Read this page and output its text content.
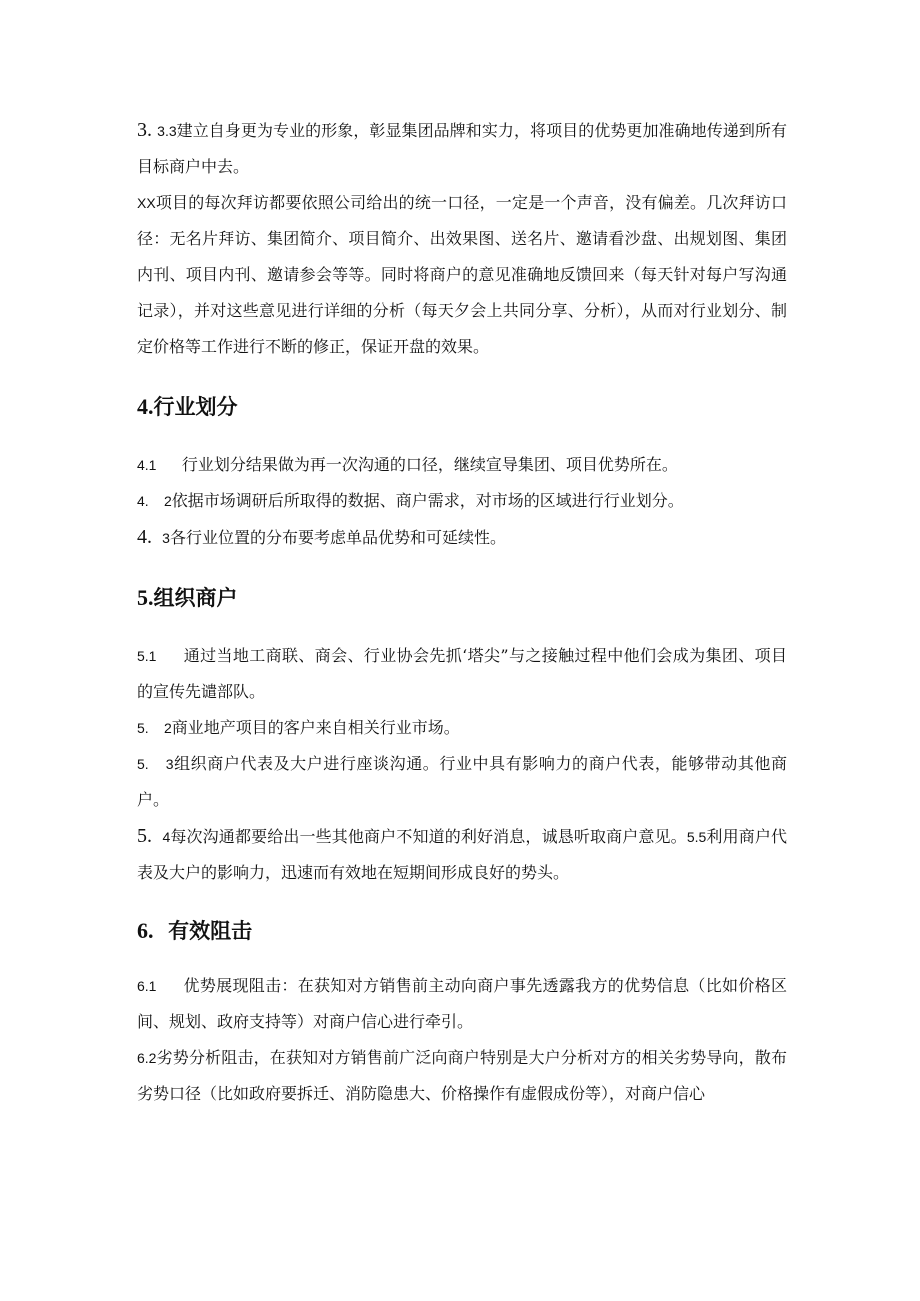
3. 3.3建立自身更为专业的形象，彰显集团品牌和实力，将项目的优势更加准确地传递到所有目标商户中去。

XX项目的每次拜访都要依照公司给出的统一口径，一定是一个声音，没有偏差。几次拜访口径：无名片拜访、集团简介、项目简介、出效果图、送名片、邀请看沙盘、出规划图、集团内刊、项目内刊、邀请参会等等。同时将商户的意见准确地反馈回来（每天针对每户写沟通记录），并对这些意见进行详细的分析（每天夕会上共同分享、分析），从而对行业划分、制定价格等工作进行不断的修正，保证开盘的效果。

4.行业划分

4.1 行业划分结果做为再一次沟通的口径，继续宣导集团、项目优势所在。

4. 2依据市场调研后所取得的数据、商户需求，对市场的区域进行行业划分。

4. 3各行业位置的分布要考虑单品优势和可延续性。

5.组织商户

5.1 通过当地工商联、商会、行业协会先抓‘塔尖”与之接触过程中他们会成为集团、项目的宣传先谴部队。

5. 2商业地产项目的客户来自相关行业市场。

5. 3组织商户代表及大户进行座谈沟通。行业中具有影响力的商户代表，能够带动其他商户。

5. 4每次沟通都要给出一些其他商户不知道的利好消息，诚恳听取商户意见。5.5利用商户代表及大户的影响力，迅速而有效地在短期间形成良好的势头。

6. 有效阻击

6.1 优势展现阻击：在获知对方销售前主动向商户事先透露我方的优势信息（比如价格区间、规划、政府支持等）对商户信心进行牵引。

6.2劣势分析阻击，在获知对方销售前广泛向商户特别是大户分析对方的相关劣势导向，散布劣势口径（比如政府要拆迁、消防隐患大、价格操作有虚假成份等），对商户信心
